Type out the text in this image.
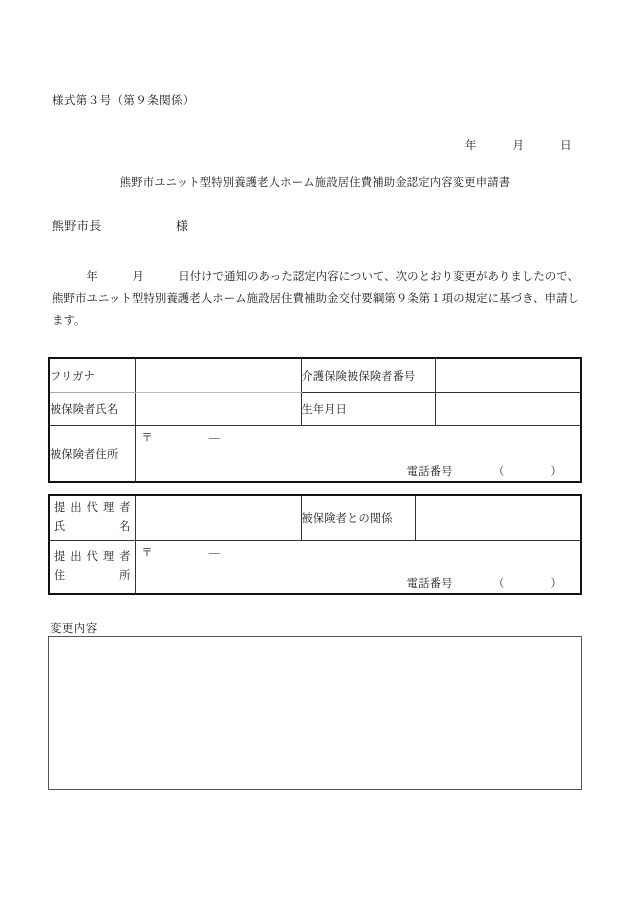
様式第３号（第９条関係）
年　　　月　　　日
熊野市ユニット型特別養護老人ホーム施設居住費補助金認定内容変更申請書
熊野市長　　　　　　様
　　　年　　　月　　　日付けで通知のあった認定内容について、次のとおり変更がありましたので、熊野市ユニット型特別養護老人ホーム施設居住費補助金交付要綱第９条第１項の規定に基づき、申請します。
フリガナ		介護保険被保険者番号	
被保険者氏名		生年月日	
被保険者住所	〒　　　　　―
電話番号　　　　（　　　　）		
提出代理者
氏　　名		被保険者との関係	

提出代理者
住　　所	〒　　　　　―
電話番号　　　　（　　　　）		
変更内容
